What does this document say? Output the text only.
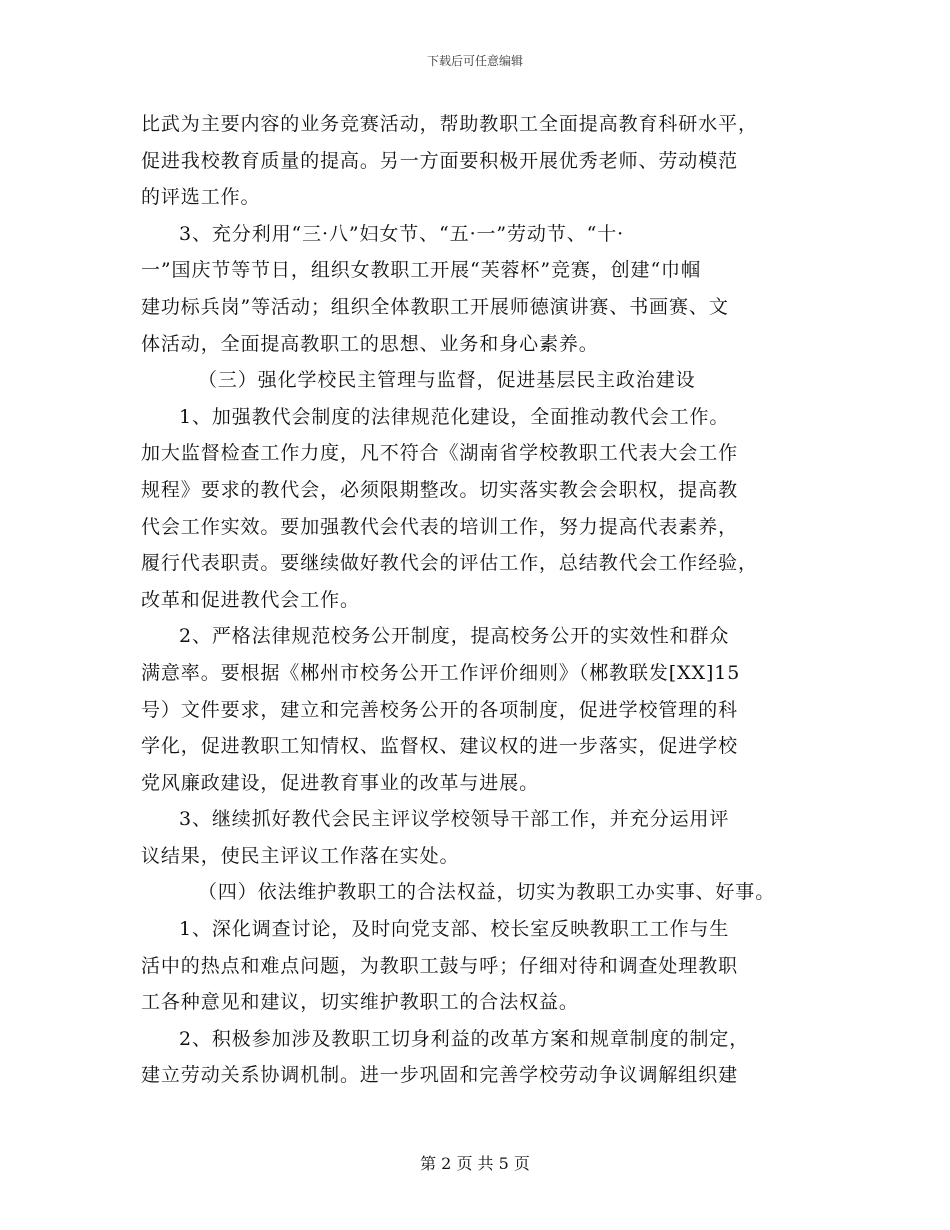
下载后可任意编辑
比武为主要内容的业务竞赛活动，帮助教职工全面提高教育科研水平，
促进我校教育质量的提高。另一方面要积极开展优秀老师、劳动模范
的评选工作。
3、充分利用“三·八”妇女节、“五·一”劳动节、“十·
一”国庆节等节日，组织女教职工开展“芙蓉杯”竞赛，创建“巾帼
建功标兵岗”等活动；组织全体教职工开展师德演讲赛、书画赛、文
体活动，全面提高教职工的思想、业务和身心素养。
（三）强化学校民主管理与监督，促进基层民主政治建设
1、加强教代会制度的法律规范化建设，全面推动教代会工作。
加大监督检查工作力度，凡不符合《湖南省学校教职工代表大会工作
规程》要求的教代会，必须限期整改。切实落实教会会职权，提高教
代会工作实效。要加强教代会代表的培训工作，努力提高代表素养，
履行代表职责。要继续做好教代会的评估工作，总结教代会工作经验，
改革和促进教代会工作。
2、严格法律规范校务公开制度，提高校务公开的实效性和群众
满意率。要根据《郴州市校务公开工作评价细则》（郴教联发[XX]15
号）文件要求，建立和完善校务公开的各项制度，促进学校管理的科
学化，促进教职工知情权、监督权、建议权的进一步落实，促进学校
党风廉政建设，促进教育事业的改革与进展。
3、继续抓好教代会民主评议学校领导干部工作，并充分运用评
议结果，使民主评议工作落在实处。
（四）依法维护教职工的合法权益，切实为教职工办实事、好事。
1、深化调查讨论，及时向党支部、校长室反映教职工工作与生
活中的热点和难点问题，为教职工鼓与呼；仔细对待和调查处理教职
工各种意见和建议，切实维护教职工的合法权益。
2、积极参加涉及教职工切身利益的改革方案和规章制度的制定，
建立劳动关系协调机制。进一步巩固和完善学校劳动争议调解组织建
第 2 页 共 5 页
